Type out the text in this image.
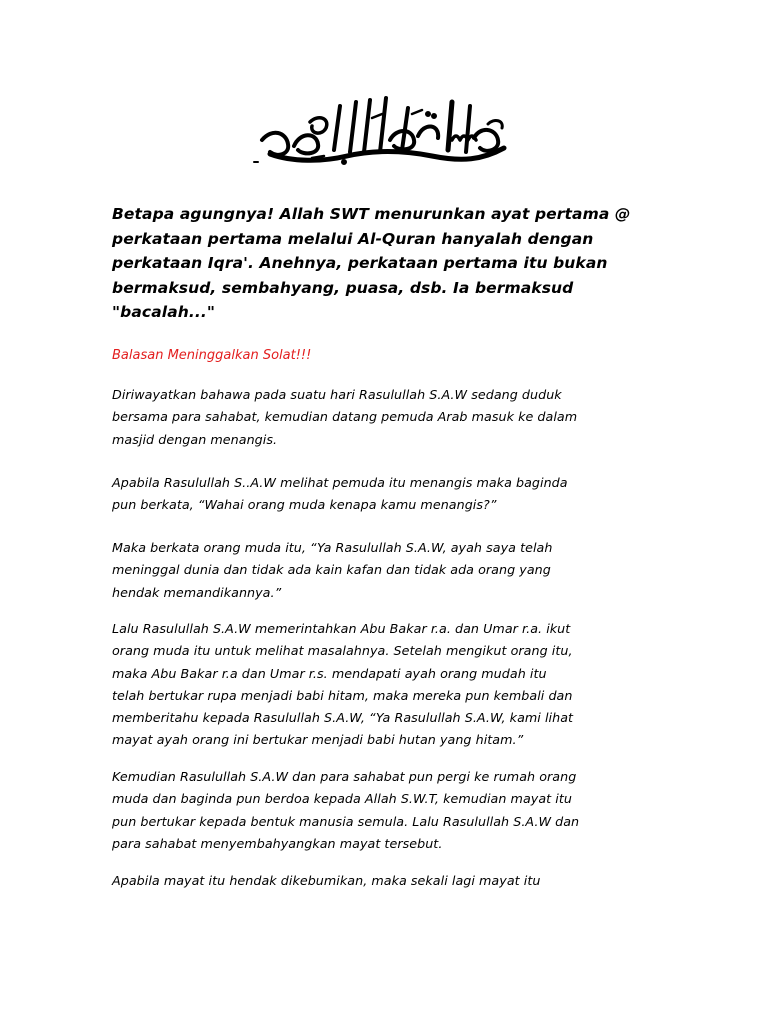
Betapa agungnya! Allah SWT menurunkan ayat pertama @
perkataan pertama melalui Al-Quran hanyalah dengan
perkataan Iqra'. Anehnya, perkataan pertama itu bukan
bermaksud, sembahyang, puasa, dsb. Ia bermaksud
"bacalah..."

Balasan Meninggalkan Solat!!!

Diriwayatkan bahawa pada suatu hari Rasulullah S.A.W sedang duduk
bersama para sahabat, kemudian datang pemuda Arab masuk ke dalam
masjid dengan menangis.

Apabila Rasulullah S..A.W melihat pemuda itu menangis maka baginda
pun berkata, “Wahai orang muda kenapa kamu menangis?”

Maka berkata orang muda itu, “Ya Rasulullah S.A.W, ayah saya telah
meninggal dunia dan tidak ada kain kafan dan tidak ada orang yang
hendak memandikannya.”

Lalu Rasulullah S.A.W memerintahkan Abu Bakar r.a. dan Umar r.a. ikut
orang muda itu untuk melihat masalahnya. Setelah mengikut orang itu,
maka Abu Bakar r.a dan Umar r.s. mendapati ayah orang mudah itu
telah bertukar rupa menjadi babi hitam, maka mereka pun kembali dan
memberitahu kepada Rasulullah S.A.W, “Ya Rasulullah S.A.W, kami lihat
mayat ayah orang ini bertukar menjadi babi hutan yang hitam.”

Kemudian Rasulullah S.A.W dan para sahabat pun pergi ke rumah orang
muda dan baginda pun berdoa kepada Allah S.W.T, kemudian mayat itu
pun bertukar kepada bentuk manusia semula. Lalu Rasulullah S.A.W dan
para sahabat menyembahyangkan mayat tersebut.

Apabila mayat itu hendak dikebumikan, maka sekali lagi mayat itu
